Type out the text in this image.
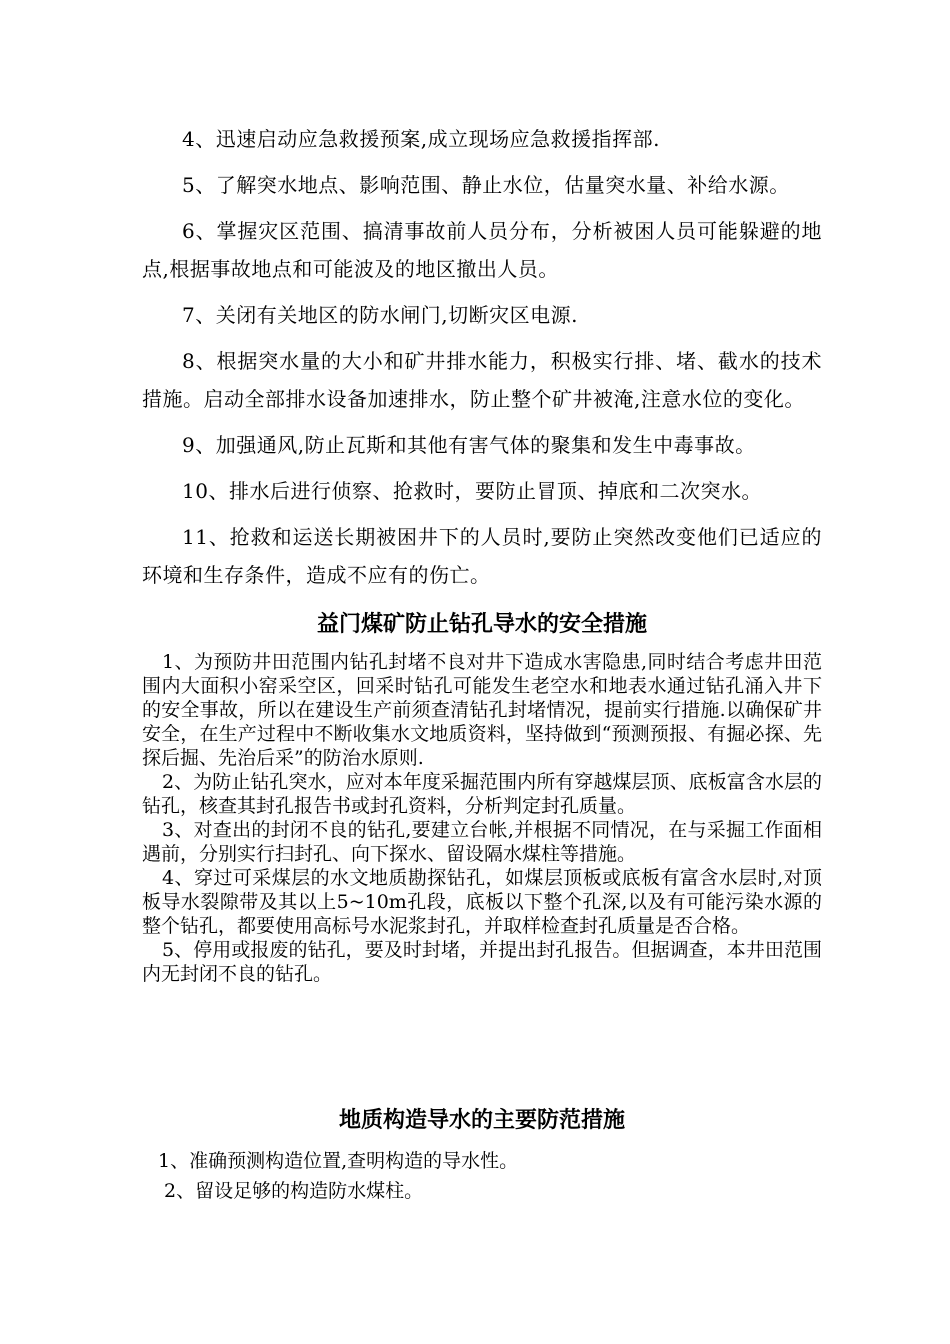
4、迅速启动应急救援预案,成立现场应急救援指挥部.

5、了解突水地点、影响范围、静止水位，估量突水量、补给水源。

6、掌握灾区范围、搞清事故前人员分布，分析被困人员可能躲避的地点,根据事故地点和可能波及的地区撤出人员。

7、关闭有关地区的防水闸门,切断灾区电源.

8、根据突水量的大小和矿井排水能力，积极实行排、堵、截水的技术措施。启动全部排水设备加速排水，防止整个矿井被淹,注意水位的变化。

9、加强通风,防止瓦斯和其他有害气体的聚集和发生中毒事故。

10、排水后进行侦察、抢救时，要防止冒顶、掉底和二次突水。

11、抢救和运送长期被困井下的人员时,要防止突然改变他们已适应的环境和生存条件，造成不应有的伤亡。

益门煤矿防止钻孔导水的安全措施

1、为预防井田范围内钻孔封堵不良对井下造成水害隐患,同时结合考虑井田范围内大面积小窑采空区，回采时钻孔可能发生老空水和地表水通过钻孔涌入井下的安全事故，所以在建设生产前须查清钻孔封堵情况，提前实行措施.以确保矿井安全，在生产过程中不断收集水文地质资料，坚持做到“预测预报、有掘必探、先探后掘、先治后采”的防治水原则.

2、为防止钻孔突水，应对本年度采掘范围内所有穿越煤层顶、底板富含水层的钻孔，核查其封孔报告书或封孔资料，分析判定封孔质量。

3、对查出的封闭不良的钻孔,要建立台帐,并根据不同情况，在与采掘工作面相遇前，分别实行扫封孔、向下探水、留设隔水煤柱等措施。

4、穿过可采煤层的水文地质勘探钻孔，如煤层顶板或底板有富含水层时,对顶板导水裂隙带及其以上5~10m孔段，底板以下整个孔深,以及有可能污染水源的整个钻孔，都要使用高标号水泥浆封孔，并取样检查封孔质量是否合格。

5、停用或报废的钻孔，要及时封堵，并提出封孔报告。但据调查，本井田范围内无封闭不良的钻孔。

地质构造导水的主要防范措施

1、准确预测构造位置,查明构造的导水性。

2、留设足够的构造防水煤柱。
